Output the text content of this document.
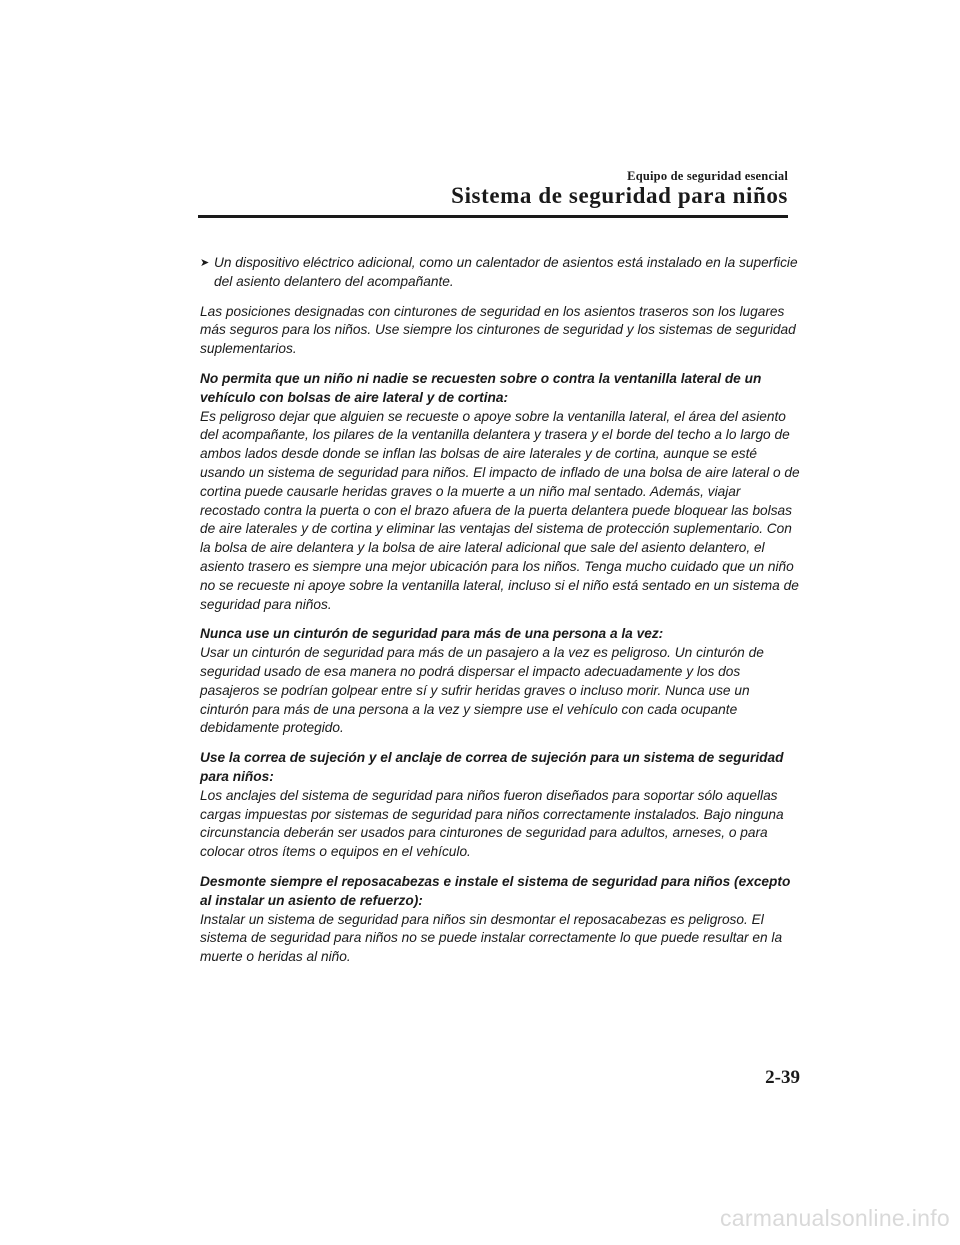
Equipo de seguridad esencial
Sistema de seguridad para niños
➤ Un dispositivo eléctrico adicional, como un calentador de asientos está instalado en la superficie del asiento delantero del acompañante.

Las posiciones designadas con cinturones de seguridad en los asientos traseros son los lugares más seguros para los niños. Use siempre los cinturones de seguridad y los sistemas de seguridad suplementarios.

No permita que un niño ni nadie se recuesten sobre o contra la ventanilla lateral de un vehículo con bolsas de aire lateral y de cortina:
Es peligroso dejar que alguien se recueste o apoye sobre la ventanilla lateral, el área del asiento del acompañante, los pilares de la ventanilla delantera y trasera y el borde del techo a lo largo de ambos lados desde donde se inflan las bolsas de aire laterales y de cortina, aunque se esté usando un sistema de seguridad para niños. El impacto de inflado de una bolsa de aire lateral o de cortina puede causarle heridas graves o la muerte a un niño mal sentado. Además, viajar recostado contra la puerta o con el brazo afuera de la puerta delantera puede bloquear las bolsas de aire laterales y de cortina y eliminar las ventajas del sistema de protección suplementario. Con la bolsa de aire delantera y la bolsa de aire lateral adicional que sale del asiento delantero, el asiento trasero es siempre una mejor ubicación para los niños. Tenga mucho cuidado que un niño no se recueste ni apoye sobre la ventanilla lateral, incluso si el niño está sentado en un sistema de seguridad para niños.

Nunca use un cinturón de seguridad para más de una persona a la vez:
Usar un cinturón de seguridad para más de un pasajero a la vez es peligroso. Un cinturón de seguridad usado de esa manera no podrá dispersar el impacto adecuadamente y los dos pasajeros se podrían golpear entre sí y sufrir heridas graves o incluso morir. Nunca use un cinturón para más de una persona a la vez y siempre use el vehículo con cada ocupante debidamente protegido.

Use la correa de sujeción y el anclaje de correa de sujeción para un sistema de seguridad para niños:
Los anclajes del sistema de seguridad para niños fueron diseñados para soportar sólo aquellas cargas impuestas por sistemas de seguridad para niños correctamente instalados. Bajo ninguna circunstancia deberán ser usados para cinturones de seguridad para adultos, arneses, o para colocar otros ítems o equipos en el vehículo.

Desmonte siempre el reposacabezas e instale el sistema de seguridad para niños (excepto al instalar un asiento de refuerzo):
Instalar un sistema de seguridad para niños sin desmontar el reposacabezas es peligroso. El sistema de seguridad para niños no se puede instalar correctamente lo que puede resultar en la muerte o heridas al niño.

2-39
carmanualsonline.info
